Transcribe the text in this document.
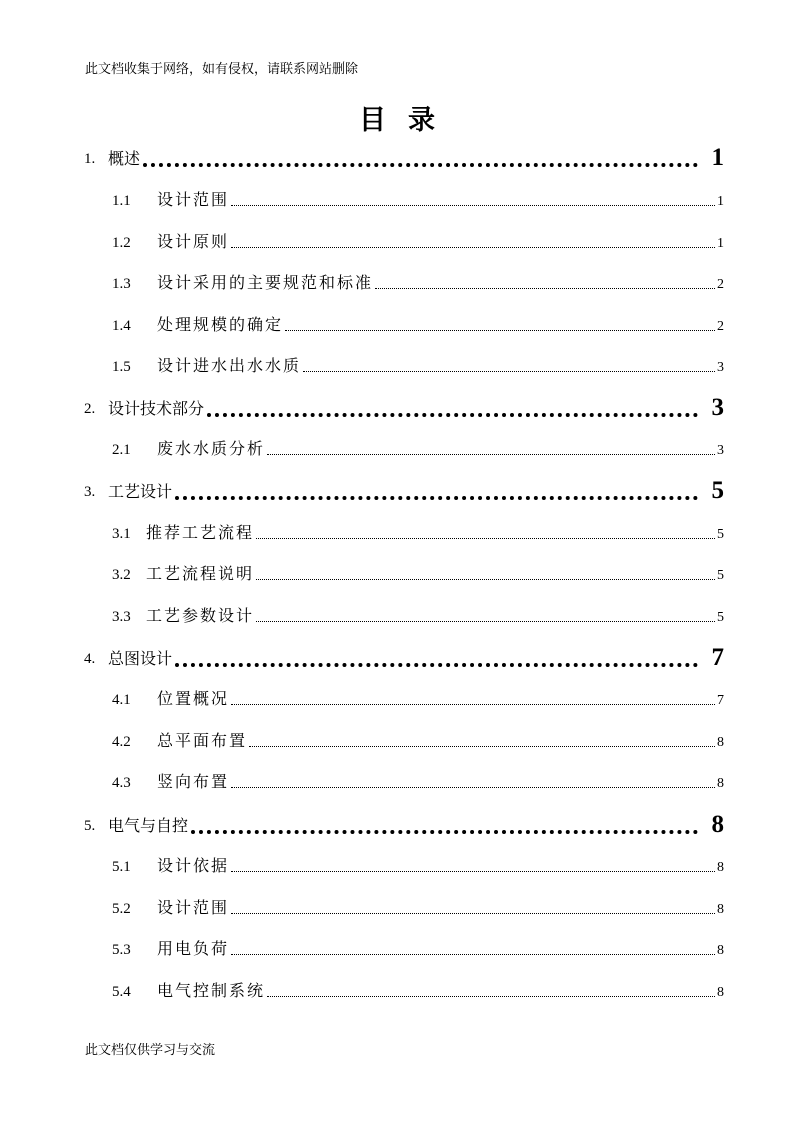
此文档收集于网络，如有侵权，请联系网站删除
目录
1. 概述	1
1.1	设计范围	1
1.2	设计原则	1
1.3	设计采用的主要规范和标准	2
1.4	处理规模的确定	2
1.5	设计进水出水水质	3
2. 设计技术部分	3
2.1	废水水质分析	3
3. 工艺设计	5
3.1 推荐工艺流程	5
3.2 工艺流程说明	5
3.3 工艺参数设计	5
4. 总图设计	7
4.1	位置概况	7
4.2	总平面布置	8
4.3	竖向布置	8
5. 电气与自控	8
5.1	设计依据	8
5.2	设计范围	8
5.3	用电负荷	8
5.4	电气控制系统	8
此文档仅供学习与交流
